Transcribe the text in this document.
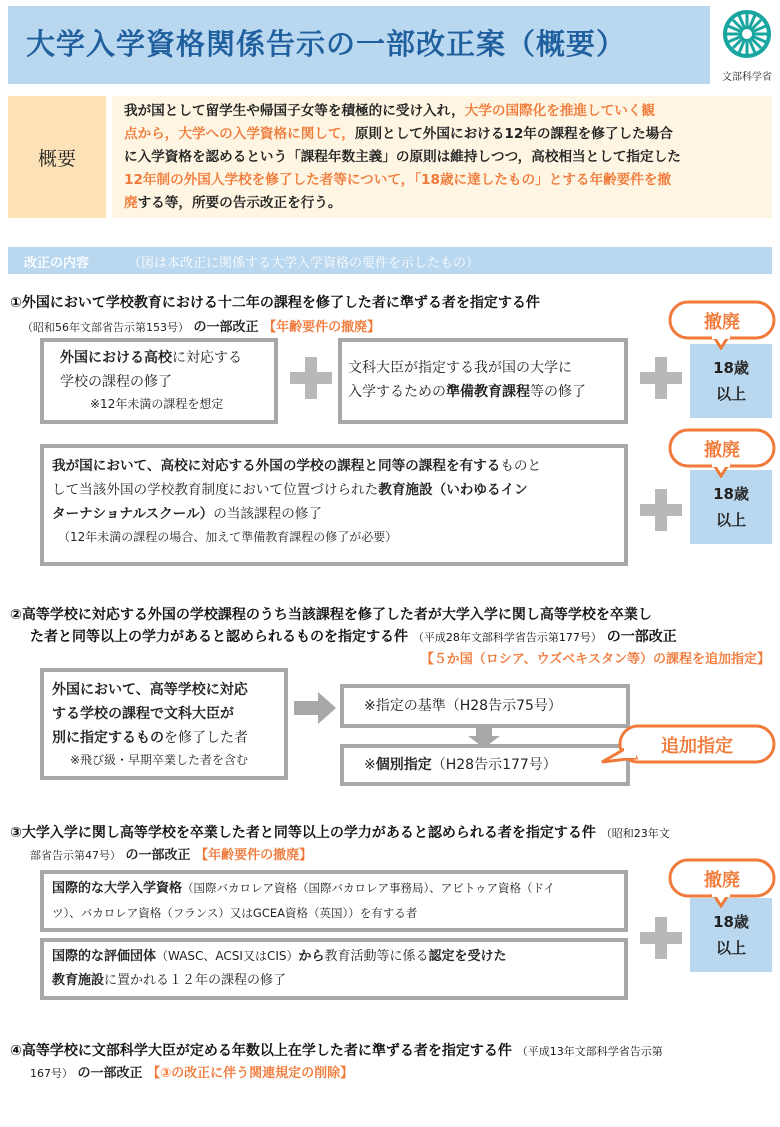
大学入学資格関係告示の一部改正案（概要）
文部科学省
概要
我が国として留学生や帰国子女等を積極的に受け入れ，大学の国際化を推進していく観
点から，大学への入学資格に関して，原則として外国における12年の課程を修了した場合
に入学資格を認めるという「課程年数主義」の原則は維持しつつ，高校相当として指定した
12年制の外国人学校を修了した者等について，「18歳に達したもの」とする年齢要件を撤
廃する等，所要の告示改正を行う。
改正の内容	（図は本改正に関係する大学入学資格の要件を示したもの）
①外国において学校教育における十二年の課程を修了した者に準ずる者を指定する件
（昭和56年文部省告示第153号） の一部改正 【年齢要件の撤廃】
外国における高校に対応する
学校の課程の修了
※12年未満の課程を想定
文科大臣が指定する我が国の大学に
入学するための準備教育課程等の修了
18歳
以上
撤廃
我が国において、高校に対応する外国の学校の課程と同等の課程を有するものと
して当該外国の学校教育制度において位置づけられた教育施設（いわゆるイン
ターナショナルスクール）の当該課程の修了
（12年未満の課程の場合、加えて準備教育課程の修了が必要）
18歳
以上
撤廃
②高等学校に対応する外国の学校課程のうち当該課程を修了した者が大学入学に関し高等学校を卒業し
た者と同等以上の学力があると認められるものを指定する件 （平成28年文部科学省告示第177号） の一部改正
【５か国（ロシア、ウズベキスタン等）の課程を追加指定】
外国において、高等学校に対応
する学校の課程で文科大臣が
別に指定するものを修了した者
※飛び級・早期卒業した者を含む
※指定の基準（H28告示75号）
※個別指定（H28告示177号）
追加指定
③大学入学に関し高等学校を卒業した者と同等以上の学力があると認められる者を指定する件 （昭和23年文
部省告示第47号） の一部改正 【年齢要件の撤廃】
国際的な大学入学資格（国際バカロレア資格（国際バカロレア事務局）、アビトゥア資格（ドイ
ツ）、バカロレア資格（フランス）又はGCEA資格（英国））を有する者
国際的な評価団体（WASC、ACSI又はCIS）から教育活動等に係る認定を受けた
教育施設に置かれる１２年の課程の修了
18歳
以上
撤廃
④高等学校に文部科学大臣が定める年数以上在学した者に準ずる者を指定する件 （平成13年文部科学省告示第
167号） の一部改正 【③の改正に伴う関連規定の削除】
